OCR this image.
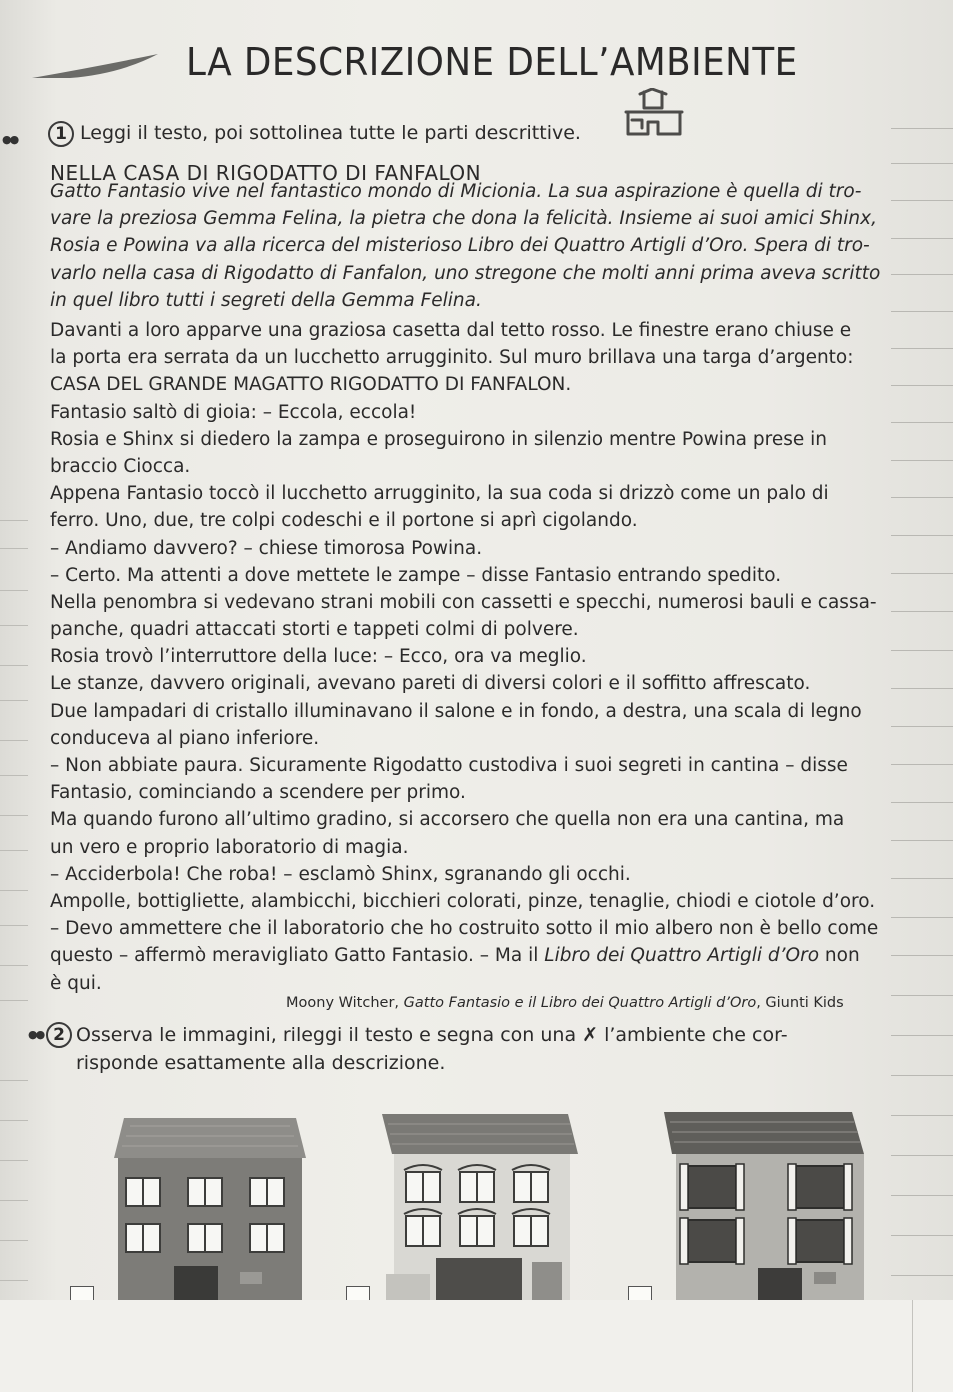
LA DESCRIZIONE DELL’AMBIENTE
●●	1 Leggi il testo, poi sottolinea tutte le parti descrittive.
NELLA CASA DI RIGODATTO DI FANFALON
Gatto Fantasio vive nel fantastico mondo di Micionia. La sua aspirazione è quella di tro-
vare la preziosa Gemma Felina, la pietra che dona la felicità. Insieme ai suoi amici Shinx,
Rosia e Powina va alla ricerca del misterioso Libro dei Quattro Artigli d’Oro. Spera di tro-
varlo nella casa di Rigodatto di Fanfalon, uno stregone che molti anni prima aveva scritto
in quel libro tutti i segreti della Gemma Felina.
Davanti a loro apparve una graziosa casetta dal tetto rosso. Le finestre erano chiuse e
la porta era serrata da un lucchetto arrugginito. Sul muro brillava una targa d’argento:
CASA DEL GRANDE MAGATTO RIGODATTO DI FANFALON.
Fantasio saltò di gioia: – Eccola, eccola!
Rosia e Shinx si diedero la zampa e proseguirono in silenzio mentre Powina prese in
braccio Ciocca.
Appena Fantasio toccò il lucchetto arrugginito, la sua coda si drizzò come un palo di
ferro. Uno, due, tre colpi codeschi e il portone si aprì cigolando.
– Andiamo davvero? – chiese timorosa Powina.
– Certo. Ma attenti a dove mettete le zampe – disse Fantasio entrando spedito.
Nella penombra si vedevano strani mobili con cassetti e specchi, numerosi bauli e cassa-
panche, quadri attaccati storti e tappeti colmi di polvere.
Rosia trovò l’interruttore della luce: – Ecco, ora va meglio.
Le stanze, davvero originali, avevano pareti di diversi colori e il soffitto affrescato.
Due lampadari di cristallo illuminavano il salone e in fondo, a destra, una scala di legno
conduceva al piano inferiore.
– Non abbiate paura. Sicuramente Rigodatto custodiva i suoi segreti in cantina – disse
Fantasio, cominciando a scendere per primo.
Ma quando furono all’ultimo gradino, si accorsero che quella non era una cantina, ma
un vero e proprio laboratorio di magia.
– Acciderbola! Che roba! – esclamò Shinx, sgranando gli occhi.
Ampolle, bottigliette, alambicchi, bicchieri colorati, pinze, tenaglie, chiodi e ciotole d’oro.
– Devo ammettere che il laboratorio che ho costruito sotto il mio albero non è bello come
questo – affermò meravigliato Gatto Fantasio. – Ma il Libro dei Quattro Artigli d’Oro non
è qui.
Moony Witcher, Gatto Fantasio e il Libro dei Quattro Artigli d’Oro, Giunti Kids
●● 2 Osserva le immagini, rileggi il testo e segna con una ✗ l’ambiente che cor-
risponde esattamente alla descrizione.
